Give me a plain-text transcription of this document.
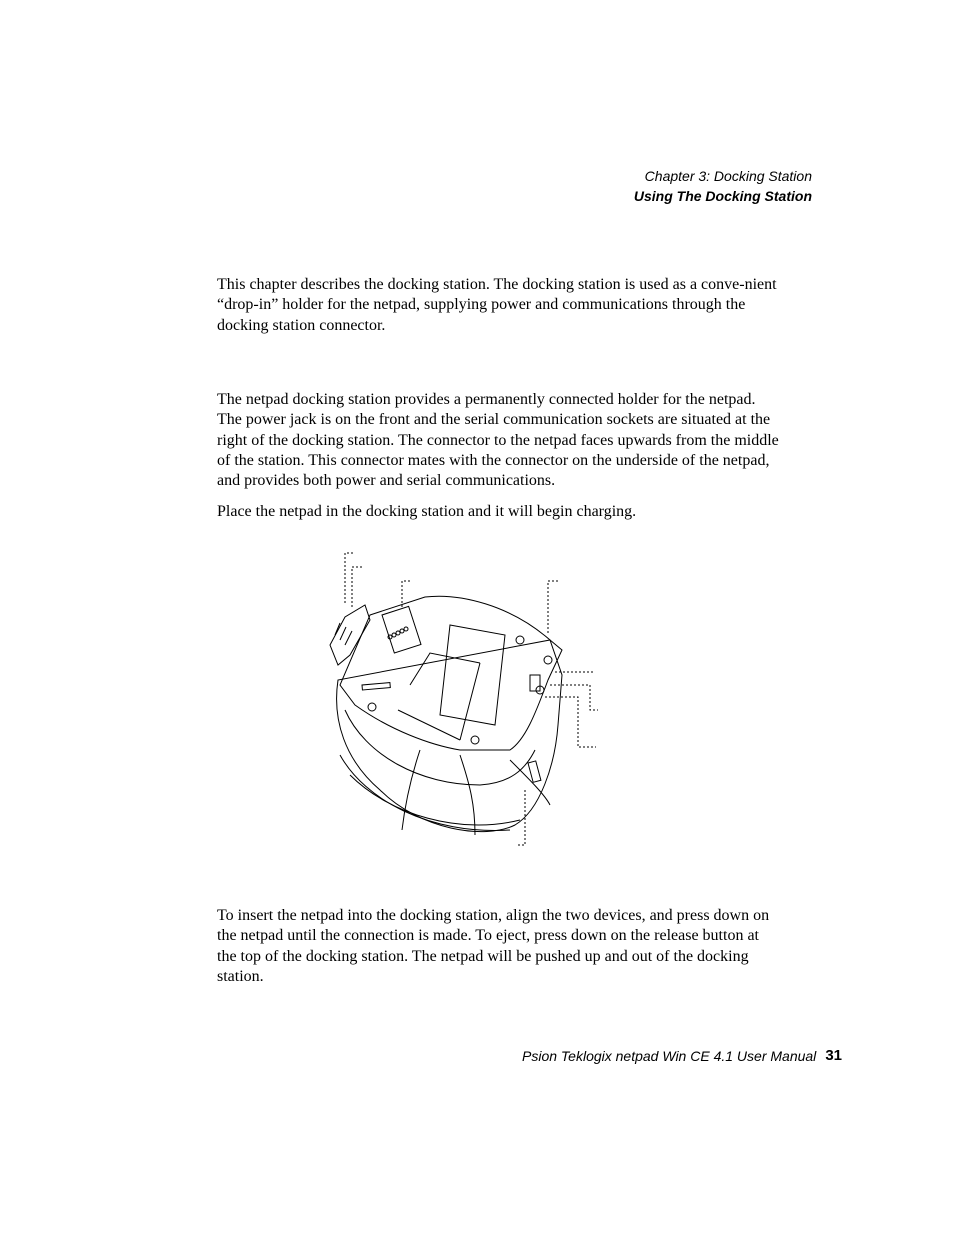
Chapter 3: Docking Station
Using The Docking Station

This chapter describes the docking station. The docking station is used as a conve-nient “drop-in” holder for the netpad, supplying power and communications through the docking station connector.

The netpad docking station provides a permanently connected holder for the netpad. The power jack is on the front and the serial communication sockets are situated at the right of the docking station. The connector to the netpad faces upwards from the middle of the station. This connector mates with the connector on the underside of the netpad, and provides both power and serial communications.

Place the netpad in the docking station and it will begin charging.

To insert the netpad into the docking station, align the two devices, and press down on the netpad until the connection is made. To eject, press down on the release button at the top of the docking station. The netpad will be pushed up and out of the docking station.

Psion Teklogix netpad Win CE 4.1 User Manual 31
